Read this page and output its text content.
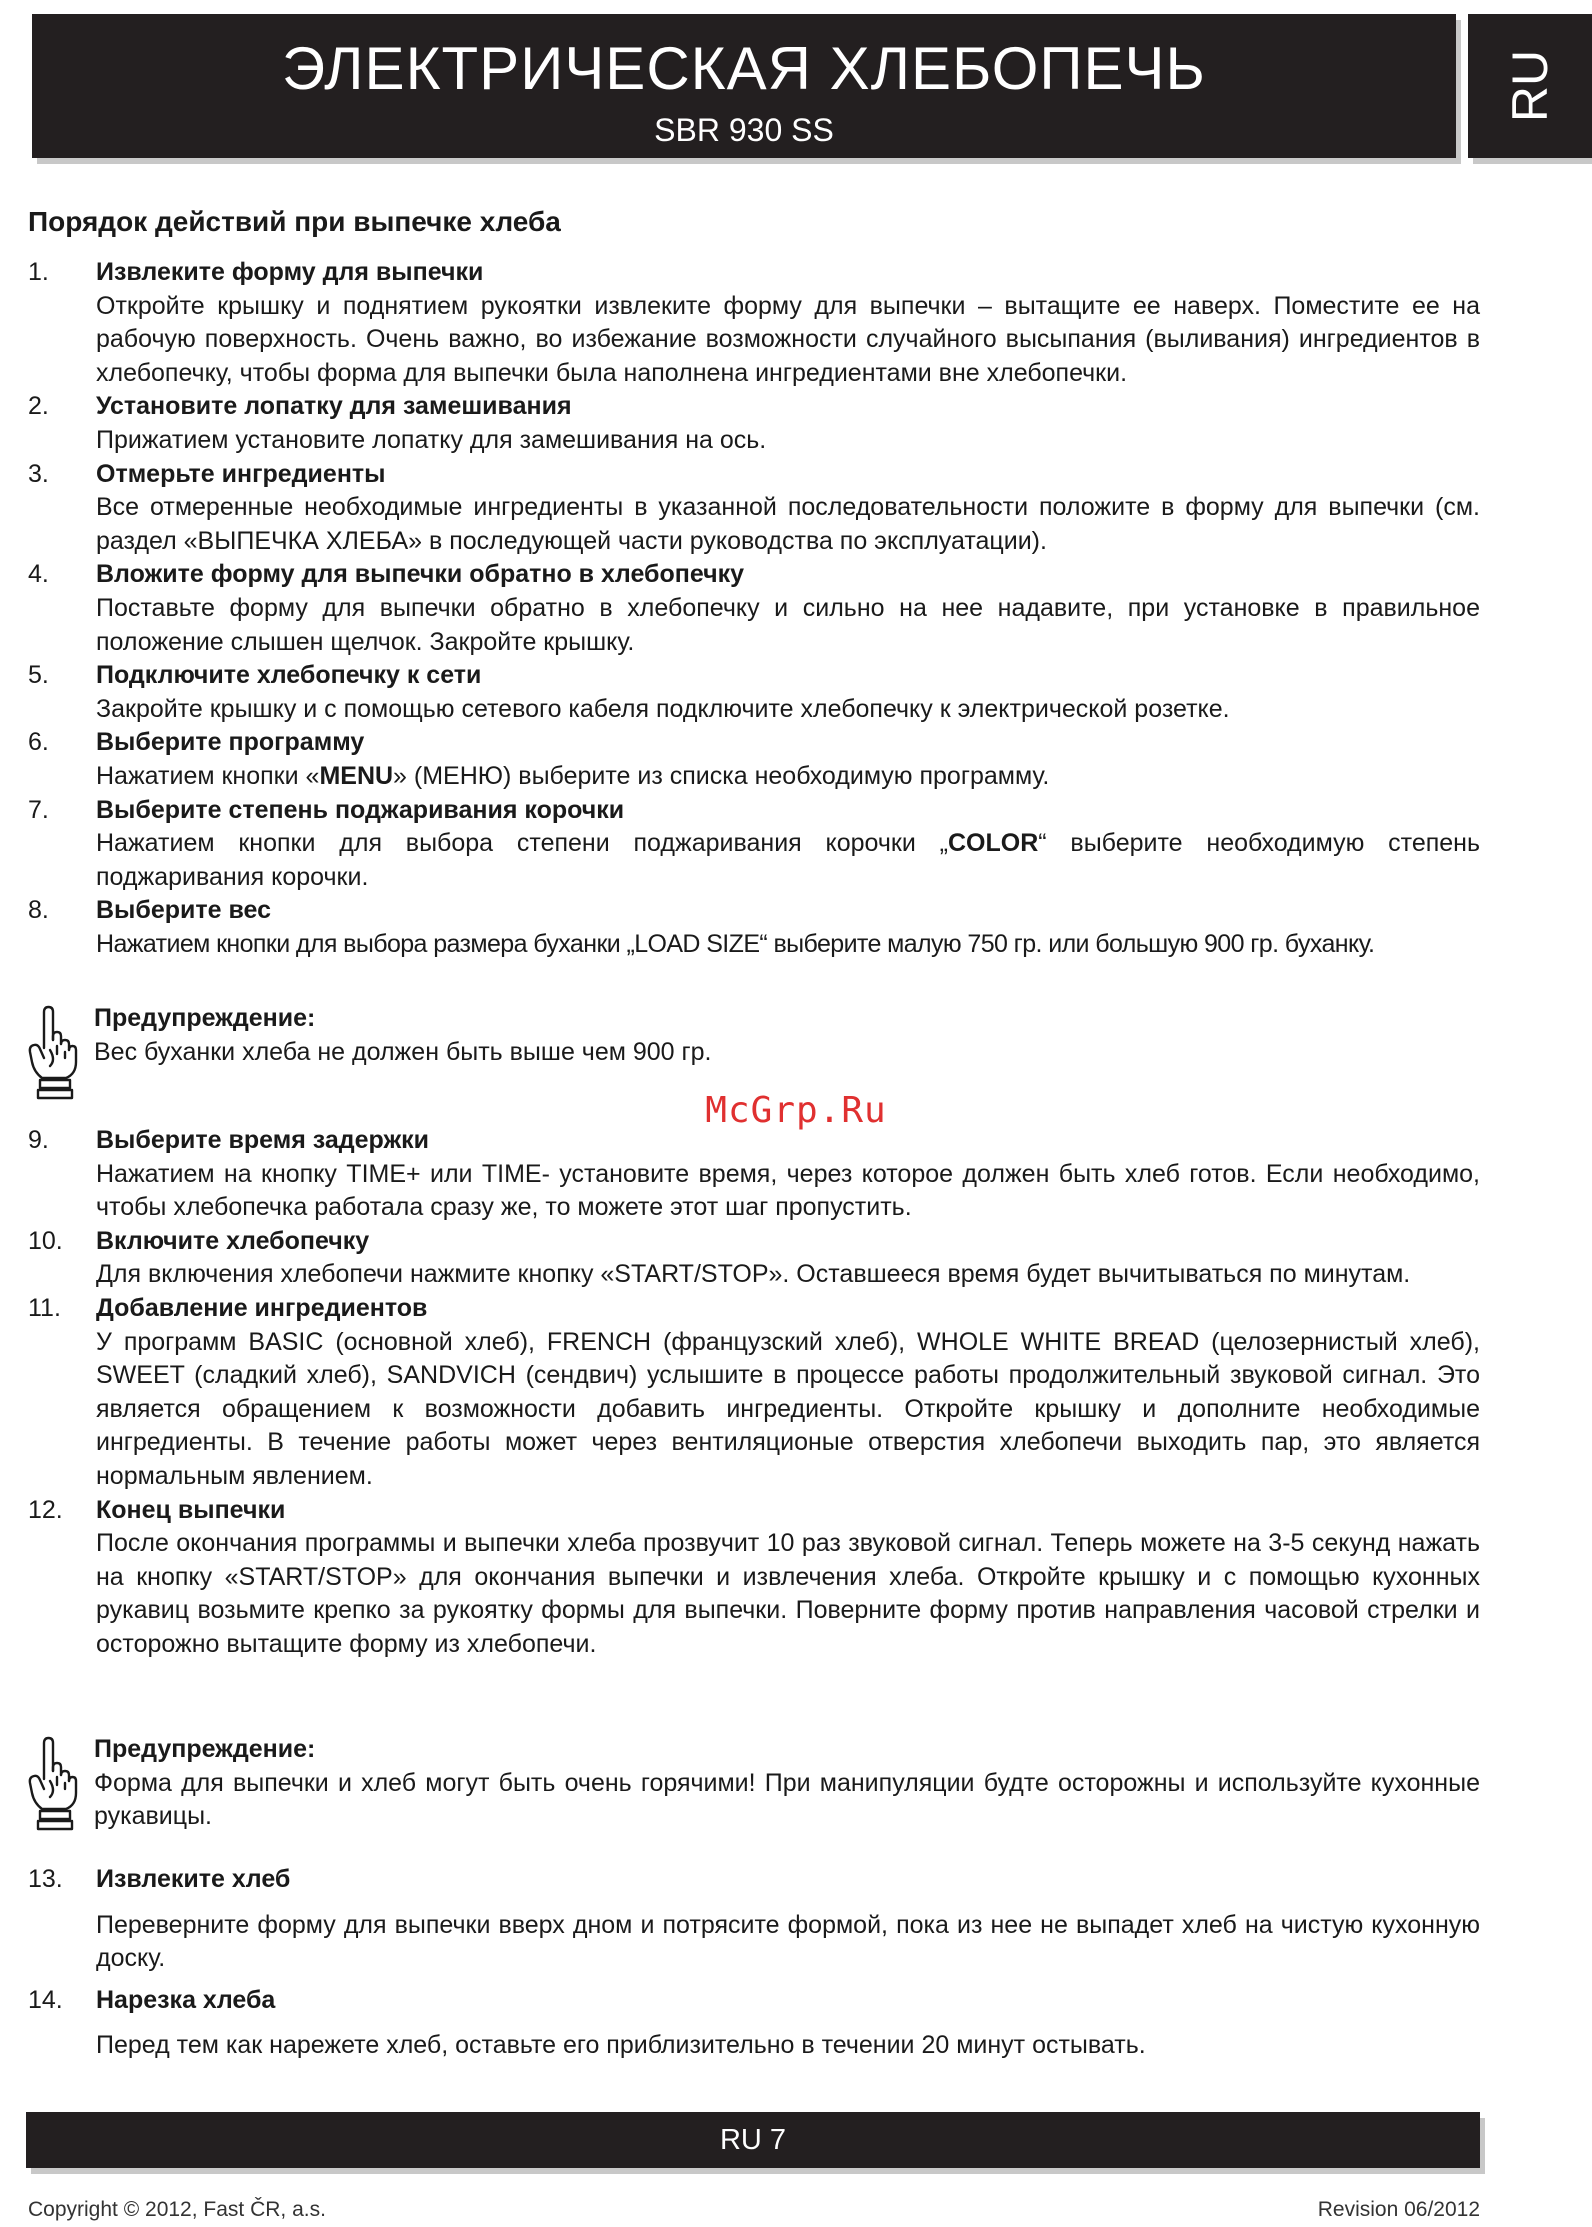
ЭЛЕКТРИЧЕСКАЯ ХЛЕБОПЕЧЬ
SBR 930 SS
RU
Порядок действий при выпечке хлеба
1. Извлеките форму для выпечки
Откройте крышку и поднятием рукоятки извлеките форму для выпечки – вытащите ее наверх. Поместите ее на рабочую поверхность. Очень важно, во избежание возможности случайного высыпания (выливания) ингредиентов в хлебопечку, чтобы форма для выпечки была наполнена ингредиентами вне хлебопечки.
2. Установите лопатку для замешивания
Прижатием установите лопатку для замешивания на ось.
3. Отмерьте ингредиенты
Все отмеренные необходимые ингредиенты в указанной последовательности положите в форму для выпечки (см. раздел «ВЫПЕЧКА ХЛЕБА» в последующей части руководства по эксплуатации).
4. Вложите форму для выпечки обратно в хлебопечку
Поставьте форму для выпечки обратно в хлебопечку и сильно на нее надавите, при установке в правильное положение слышен щелчок. Закройте крышку.
5. Подключите хлебопечку к сети
Закройте крышку и с помощью сетевого кабеля подключите хлебопечку к электрической розетке.
6. Выберите программу
Нажатием кнопки «MENU» (МЕНЮ) выберите из списка необходимую программу.
7. Выберите степень поджаривания корочки
Нажатием кнопки для выбора степени поджаривания корочки „COLOR“ выберите необходимую степень поджаривания корочки.
8. Выберите вес
Нажатием кнопки для выбора размера буханки „LOAD SIZE“ выберите малую 750 гр. или большую 900 гр. буханку.
Предупреждение:
Вес буханки хлеба не должен быть выше чем 900 гр.
McGrp.Ru
9. Выберите время задержки
Нажатием на кнопку TIME+ или TIME- установите время, через которое должен быть хлеб готов. Если необходимо, чтобы хлебопечка работала сразу же, то можете этот шаг пропустить.
10. Включите хлебопечку
Для включения хлебопечи нажмите кнопку «START/STOP». Оставшееся время будет вычитываться по минутам.
11. Добавление ингредиентов
У программ BASIC (основной хлеб), FRENCH (французский хлеб), WHOLE WHITE BREAD (целозернистый хлеб), SWEET (сладкий хлеб), SANDVICH (сендвич) услышите в процессе работы продолжительный звуковой сигнал. Это является обращением к возможности добавить ингредиенты. Откройте крышку и дополните необходимые ингредиенты. В течение работы может через вентиляционые отверстия хлебопечи выходить пар, это является нормальным явлением.
12. Конец выпечки
После окончания программы и выпечки хлеба прозвучит 10 раз звуковой сигнал. Теперь можете на 3-5 секунд нажать на кнопку «START/STOP» для окончания выпечки и извлечения хлеба. Откройте крышку и с помощью кухонных рукавиц возьмите крепко за рукоятку формы для выпечки. Поверните форму против направления часовой стрелки и осторожно вытащите форму из хлебопечи.
Предупреждение:
Форма для выпечки и хлеб могут быть очень горячими! При манипуляции будте осторожны и используйте кухонные рукавицы.
13. Извлеките хлеб
Переверните форму для выпечки вверх дном и потрясите формой, пока из нее не выпадет хлеб на чистую кухонную доску.
14. Нарезка хлеба
Перед тем как нарежете хлеб, оставьте его приблизительно в течении 20 минут остывать.
RU 7
Copyright © 2012, Fast ČR, a.s.	Revision 06/2012
